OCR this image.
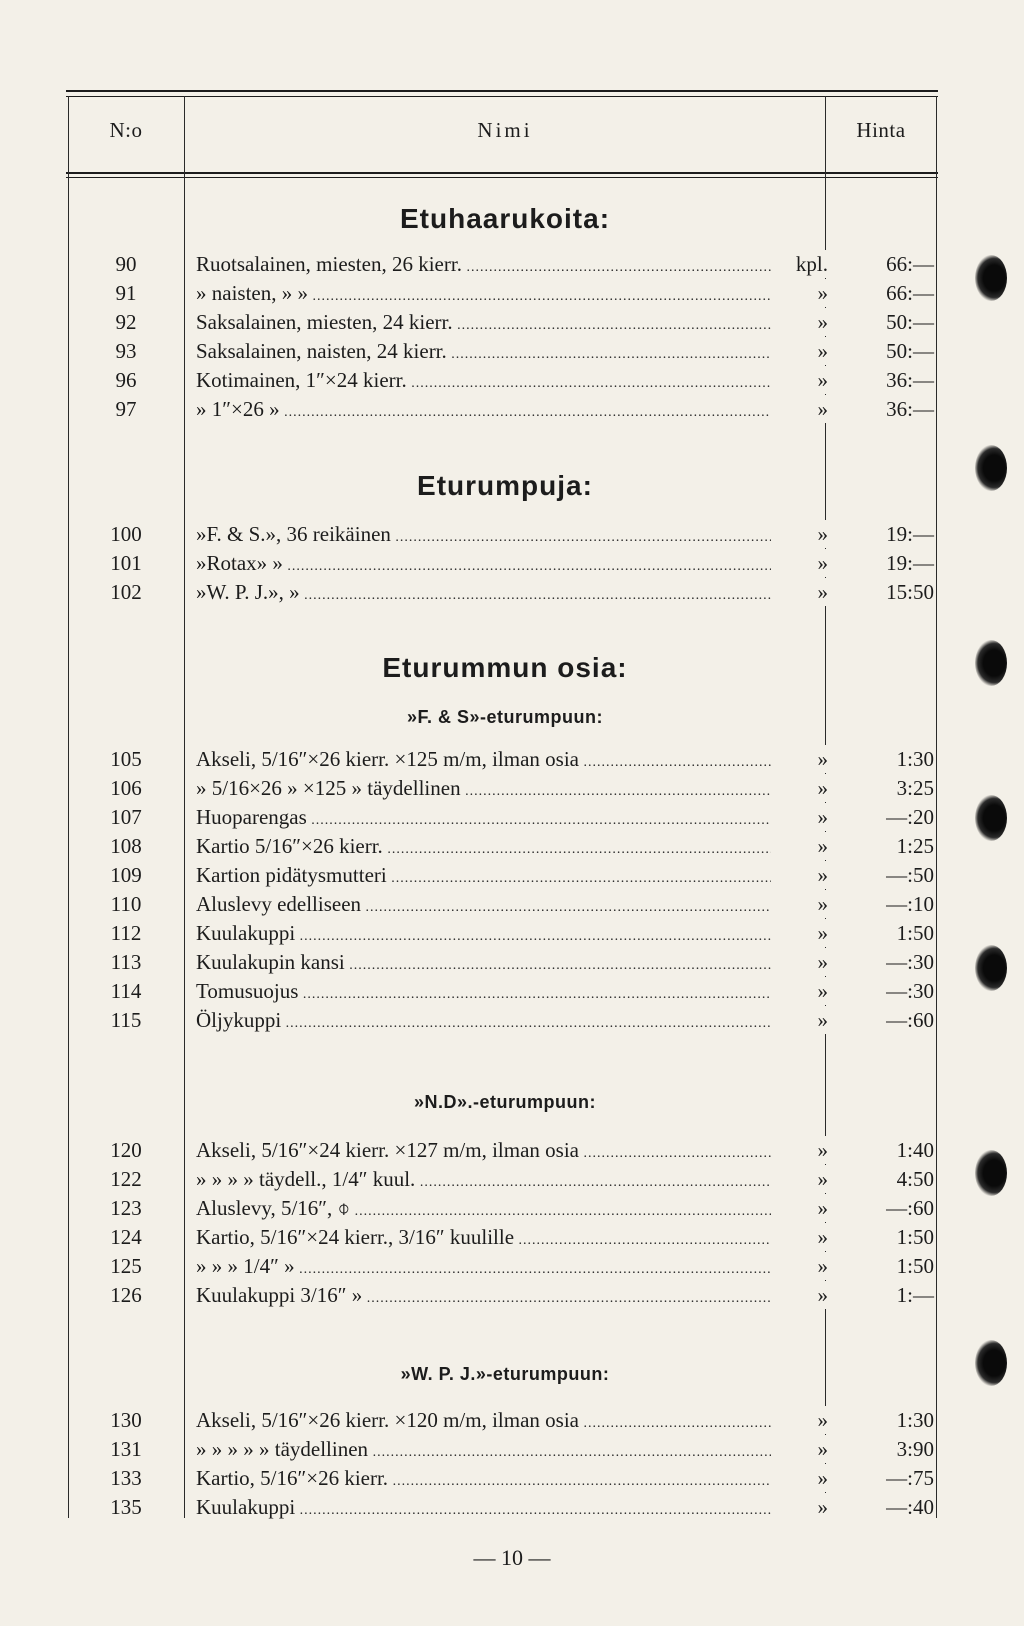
N:o	Nimi	Hinta
Etuhaarukoita:
90	Ruotsalainen, miesten, 26 kierr. .....	kpl.	66:—
91	» naisten, » » .....	»	66:—
92	Saksalainen, miesten, 24 kierr. .....	»	50:—
93	Saksalainen, naisten, 24 kierr. .....	»	50:—
96	Kotimainen, 1″×24 kierr. .....	»	36:—
97	» 1″×26 » .....	»	36:—
Eturumpuja:
100	»F. & S.», 36 reikäinen .....	»	19:—
101	»Rotax» » .....	»	19:—
102	»W. P. J.», » .....	»	15:50
Eturummun osia:
»F. & S»-eturumpuun:
105	Akseli, 5/16″×26 kierr. ×125 m/m, ilman osia .....	»	1:30
106	» 5/16×26 » ×125 » täydellinen .....	»	3:25
107	Huoparengas .....	»	—:20
108	Kartio 5/16″×26 kierr. .....	»	1:25
109	Kartion pidätysmutteri .....	»	—:50
110	Aluslevy edelliseen .....	»	—:10
112	Kuulakuppi .....	»	1:50
113	Kuulakupin kansi .....	»	—:30
114	Tomusuojus .....	»	—:30
115	Öljykuppi .....	»	—:60
»N.D».-eturumpuun:
120	Akseli, 5/16″×24 kierr. ×127 m/m, ilman osia .....	»	1:40
122	» » » » täydell., 1/4″ kuul. .....	»	4:50
123	Aluslevy, 5/16″, ⌽ .....	»	—:60
124	Kartio, 5/16″×24 kierr., 3/16″ kuulille .....	»	1:50
125	» » » 1/4″ » .....	»	1:50
126	Kuulakuppi 3/16″ » .....	»	1:—
»W. P. J.»-eturumpuun:
130	Akseli, 5/16″×26 kierr. ×120 m/m, ilman osia .....	»	1:30
131	» » » » » täydellinen .....	»	3:90
133	Kartio, 5/16″×26 kierr. .....	»	—:75
135	Kuulakuppi .....	»	—:40
— 10 —
